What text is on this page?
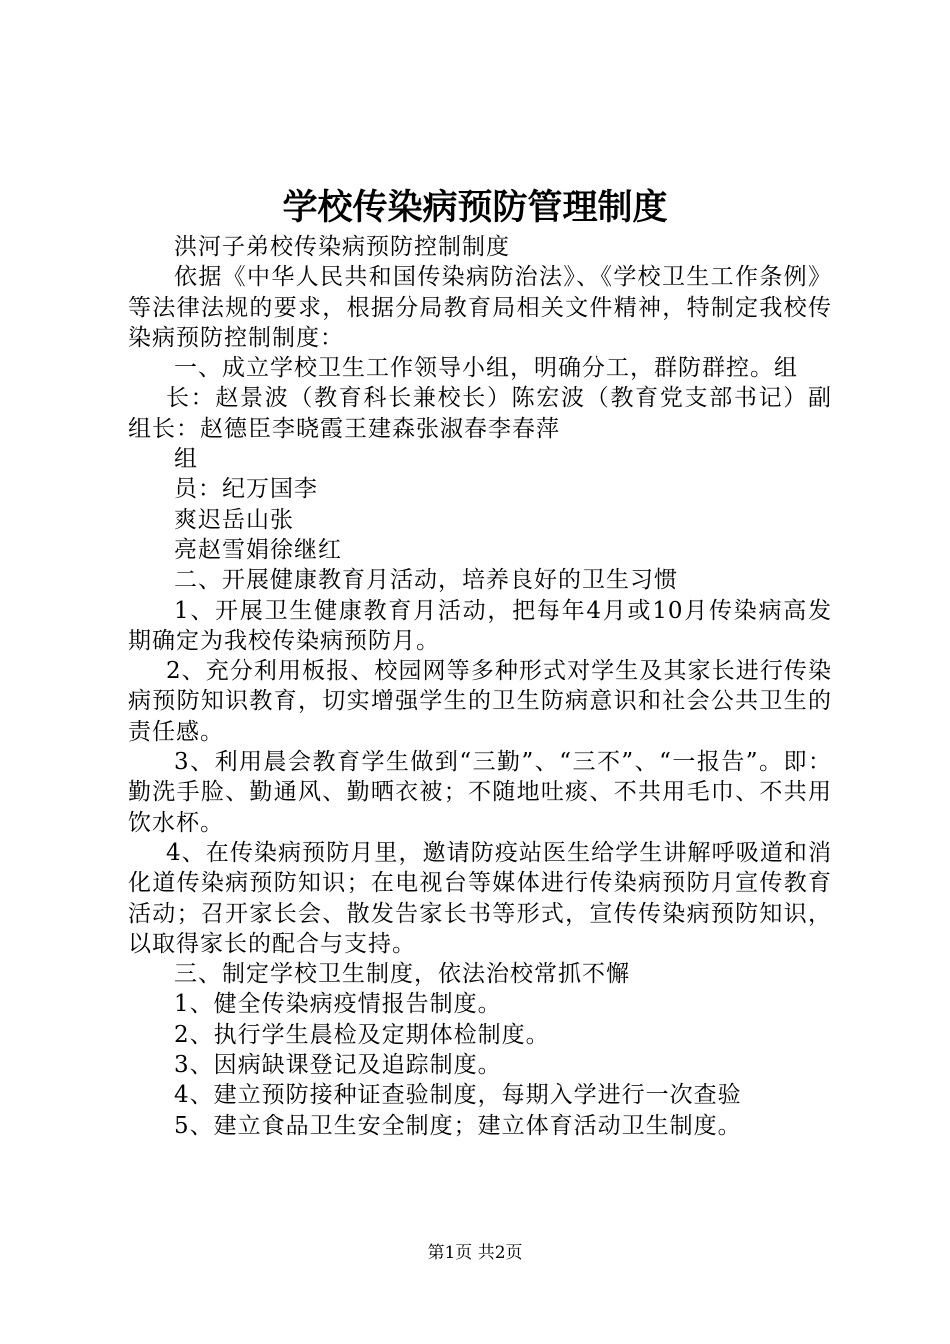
学校传染病预防管理制度

洪河子弟校传染病预防控制制度

依据《中华人民共和国传染病防治法》、《学校卫生工作条例》等法律法规的要求，根据分局教育局相关文件精神，特制定我校传染病预防控制制度：

一、成立学校卫生工作领导小组，明确分工，群防群控。组

长：赵景波（教育科长兼校长）陈宏波（教育党支部书记）副组长：赵德臣李晓霞王建森张淑春李春萍

组

员：纪万国李

爽迟岳山张

亮赵雪娟徐继红

二、开展健康教育月活动，培养良好的卫生习惯

1、开展卫生健康教育月活动，把每年4月或10月传染病高发期确定为我校传染病预防月。

2、充分利用板报、校园网等多种形式对学生及其家长进行传染病预防知识教育，切实增强学生的卫生防病意识和社会公共卫生的责任感。

3、利用晨会教育学生做到“三勤”、“三不”、“一报告”。即：勤洗手脸、勤通风、勤晒衣被；不随地吐痰、不共用毛巾、不共用饮水杯。

4、在传染病预防月里，邀请防疫站医生给学生讲解呼吸道和消化道传染病预防知识；在电视台等媒体进行传染病预防月宣传教育活动；召开家长会、散发告家长书等形式，宣传传染病预防知识，以取得家长的配合与支持。

三、制定学校卫生制度，依法治校常抓不懈

1、健全传染病疫情报告制度。

2、执行学生晨检及定期体检制度。

3、因病缺课登记及追踪制度。

4、建立预防接种证查验制度，每期入学进行一次查验

5、建立食品卫生安全制度；建立体育活动卫生制度。

第1页 共2页
